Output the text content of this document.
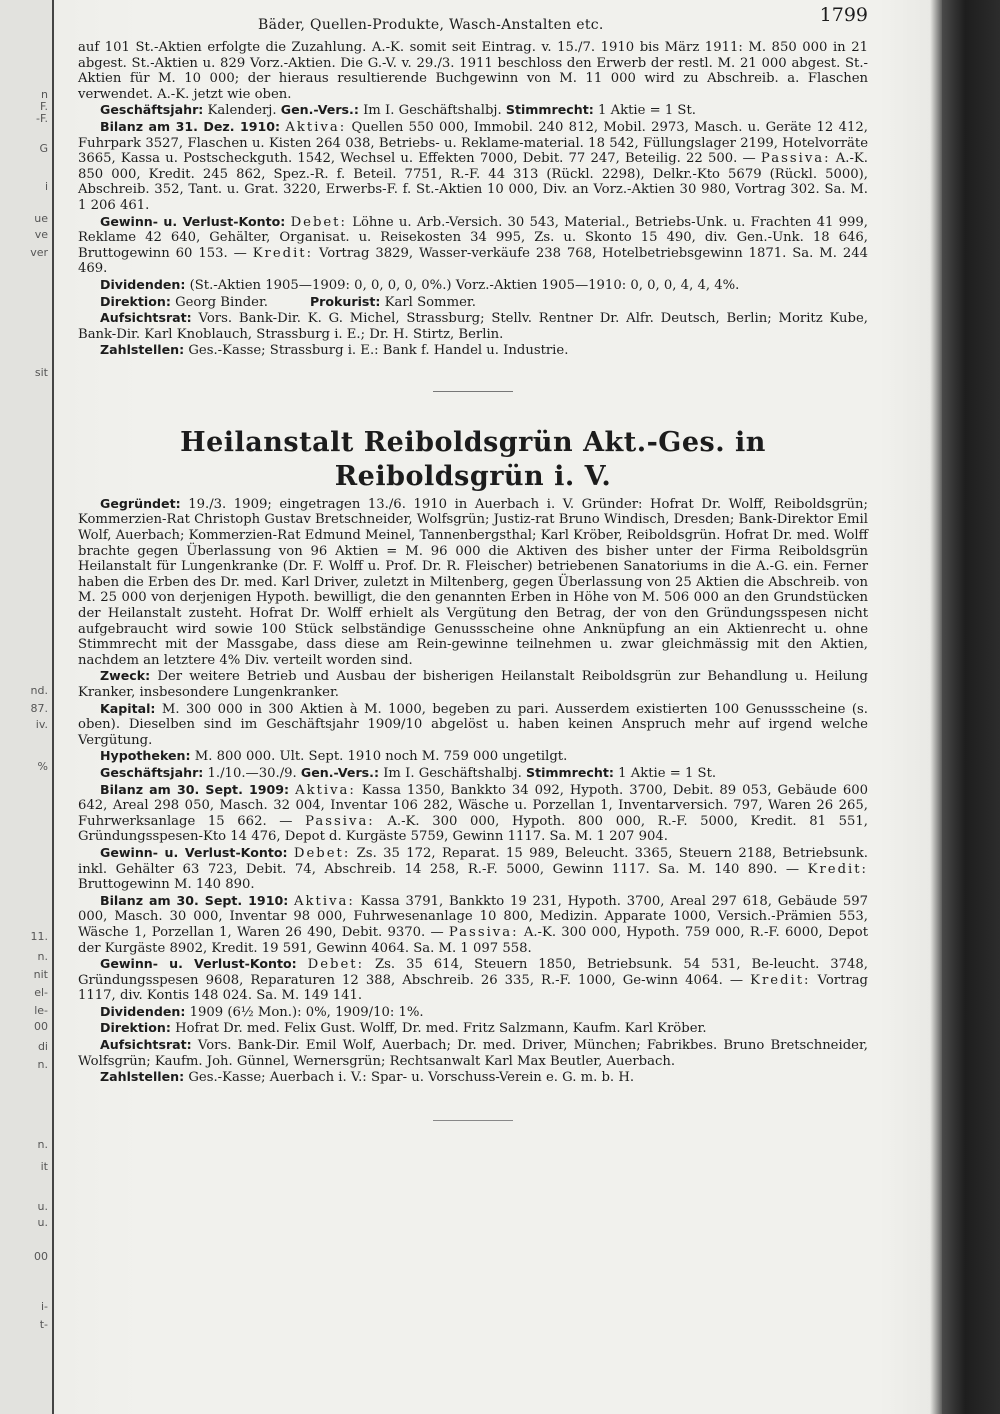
n
F.
-F.
G
i
ue
ve
ver
sit
nd.
87.
iv.
%
11.
n.
nit
el-
le-
00
di
n.
n.
it
u.
u.
00
i-
t-
Bäder, Quellen-Produkte, Wasch-Anstalten etc.	1799

auf 101 St.-Aktien erfolgte die Zuzahlung. A.-K. somit seit Eintrag. v. 15./7. 1910 bis März 1911: M. 850 000 in 21 abgest. St.-Aktien u. 829 Vorz.-Aktien. Die G.-V. v. 29./3. 1911 beschloss den Erwerb der restl. M. 21 000 abgest. St.-Aktien für M. 10 000; der hieraus resultierende Buchgewinn von M. 11 000 wird zu Abschreib. a. Flaschen verwendet. A.-K. jetzt wie oben.

Geschäftsjahr: Kalenderj. Gen.-Vers.: Im I. Geschäftshalbj. Stimmrecht: 1 Aktie = 1 St.

Bilanz am 31. Dez. 1910: Aktiva: Quellen 550 000, Immobil. 240 812, Mobil. 2973, Masch. u. Geräte 12 412, Fuhrpark 3527, Flaschen u. Kisten 264 038, Betriebs- u. Reklame-material. 18 542, Füllungslager 2199, Hotelvorräte 3665, Kassa u. Postscheckguth. 1542, Wechsel u. Effekten 7000, Debit. 77 247, Beteilig. 22 500. — Passiva: A.-K. 850 000, Kredit. 245 862, Spez.-R. f. Beteil. 7751, R.-F. 44 313 (Rückl. 2298), Delkr.-Kto 5679 (Rückl. 5000), Abschreib. 352, Tant. u. Grat. 3220, Erwerbs-F. f. St.-Aktien 10 000, Div. an Vorz.-Aktien 30 980, Vortrag 302. Sa. M. 1 206 461.

Gewinn- u. Verlust-Konto: Debet: Löhne u. Arb.-Versich. 30 543, Material., Betriebs-Unk. u. Frachten 41 999, Reklame 42 640, Gehälter, Organisat. u. Reisekosten 34 995, Zs. u. Skonto 15 490, div. Gen.-Unk. 18 646, Bruttogewinn 60 153. — Kredit: Vortrag 3829, Wasser-verkäufe 238 768, Hotelbetriebsgewinn 1871. Sa. M. 244 469.

Dividenden: (St.-Aktien 1905—1909: 0, 0, 0, 0, 0%.) Vorz.-Aktien 1905—1910: 0, 0, 0, 4, 4, 4%.

Direktion: Georg Binder.	Prokurist: Karl Sommer.

Aufsichtsrat: Vors. Bank-Dir. K. G. Michel, Strassburg; Stellv. Rentner Dr. Alfr. Deutsch, Berlin; Moritz Kube, Bank-Dir. Karl Knoblauch, Strassburg i. E.; Dr. H. Stirtz, Berlin.

Zahlstellen: Ges.-Kasse; Strassburg i. E.: Bank f. Handel u. Industrie.

Heilanstalt Reiboldsgrün Akt.-Ges. in Reiboldsgrün i. V.

Gegründet: 19./3. 1909; eingetragen 13./6. 1910 in Auerbach i. V. Gründer: Hofrat Dr. Wolff, Reiboldsgrün; Kommerzien-Rat Christoph Gustav Bretschneider, Wolfsgrün; Justiz-rat Bruno Windisch, Dresden; Bank-Direktor Emil Wolf, Auerbach; Kommerzien-Rat Edmund Meinel, Tannenbergsthal; Karl Kröber, Reiboldsgrün. Hofrat Dr. med. Wolff brachte gegen Überlassung von 96 Aktien = M. 96 000 die Aktiven des bisher unter der Firma Reiboldsgrün Heilanstalt für Lungenkranke (Dr. F. Wolff u. Prof. Dr. R. Fleischer) betriebenen Sanatoriums in die A.-G. ein. Ferner haben die Erben des Dr. med. Karl Driver, zuletzt in Miltenberg, gegen Überlassung von 25 Aktien die Abschreib. von M. 25 000 von derjenigen Hypoth. bewilligt, die den genannten Erben in Höhe von M. 506 000 an den Grundstücken der Heilanstalt zusteht. Hofrat Dr. Wolff erhielt als Vergütung den Betrag, der von den Gründungsspesen nicht aufgebraucht wird sowie 100 Stück selbständige Genussscheine ohne Anknüpfung an ein Aktienrecht u. ohne Stimmrecht mit der Massgabe, dass diese am Rein-gewinne teilnehmen u. zwar gleichmässig mit den Aktien, nachdem an letztere 4% Div. verteilt worden sind.

Zweck: Der weitere Betrieb und Ausbau der bisherigen Heilanstalt Reiboldsgrün zur Behandlung u. Heilung Kranker, insbesondere Lungenkranker.

Kapital: M. 300 000 in 300 Aktien à M. 1000, begeben zu pari. Ausserdem existierten 100 Genussscheine (s. oben). Dieselben sind im Geschäftsjahr 1909/10 abgelöst u. haben keinen Anspruch mehr auf irgend welche Vergütung.

Hypotheken: M. 800 000. Ult. Sept. 1910 noch M. 759 000 ungetilgt.

Geschäftsjahr: 1./10.—30./9. Gen.-Vers.: Im I. Geschäftshalbj. Stimmrecht: 1 Aktie = 1 St.

Bilanz am 30. Sept. 1909: Aktiva: Kassa 1350, Bankkto 34 092, Hypoth. 3700, Debit. 89 053, Gebäude 600 642, Areal 298 050, Masch. 32 004, Inventar 106 282, Wäsche u. Porzellan 1, Inventarversich. 797, Waren 26 265, Fuhrwerksanlage 15 662. — Passiva: A.-K. 300 000, Hypoth. 800 000, R.-F. 5000, Kredit. 81 551, Gründungsspesen-Kto 14 476, Depot d. Kurgäste 5759, Gewinn 1117. Sa. M. 1 207 904.

Gewinn- u. Verlust-Konto: Debet: Zs. 35 172, Reparat. 15 989, Beleucht. 3365, Steuern 2188, Betriebsunk. inkl. Gehälter 63 723, Debit. 74, Abschreib. 14 258, R.-F. 5000, Gewinn 1117. Sa. M. 140 890. — Kredit: Bruttogewinn M. 140 890.

Bilanz am 30. Sept. 1910: Aktiva: Kassa 3791, Bankkto 19 231, Hypoth. 3700, Areal 297 618, Gebäude 597 000, Masch. 30 000, Inventar 98 000, Fuhrwesenanlage 10 800, Medizin. Apparate 1000, Versich.-Prämien 553, Wäsche 1, Porzellan 1, Waren 26 490, Debit. 9370. — Passiva: A.-K. 300 000, Hypoth. 759 000, R.-F. 6000, Depot der Kurgäste 8902, Kredit. 19 591, Gewinn 4064. Sa. M. 1 097 558.

Gewinn- u. Verlust-Konto: Debet: Zs. 35 614, Steuern 1850, Betriebsunk. 54 531, Be-leucht. 3748, Gründungsspesen 9608, Reparaturen 12 388, Abschreib. 26 335, R.-F. 1000, Ge-winn 4064. — Kredit: Vortrag 1117, div. Kontis 148 024. Sa. M. 149 141.

Dividenden: 1909 (6½ Mon.): 0%, 1909/10: 1%.

Direktion: Hofrat Dr. med. Felix Gust. Wolff, Dr. med. Fritz Salzmann, Kaufm. Karl Kröber.

Aufsichtsrat: Vors. Bank-Dir. Emil Wolf, Auerbach; Dr. med. Driver, München; Fabrikbes. Bruno Bretschneider, Wolfsgrün; Kaufm. Joh. Günnel, Wernersgrün; Rechtsanwalt Karl Max Beutler, Auerbach.

Zahlstellen: Ges.-Kasse; Auerbach i. V.: Spar- u. Vorschuss-Verein e. G. m. b. H.
